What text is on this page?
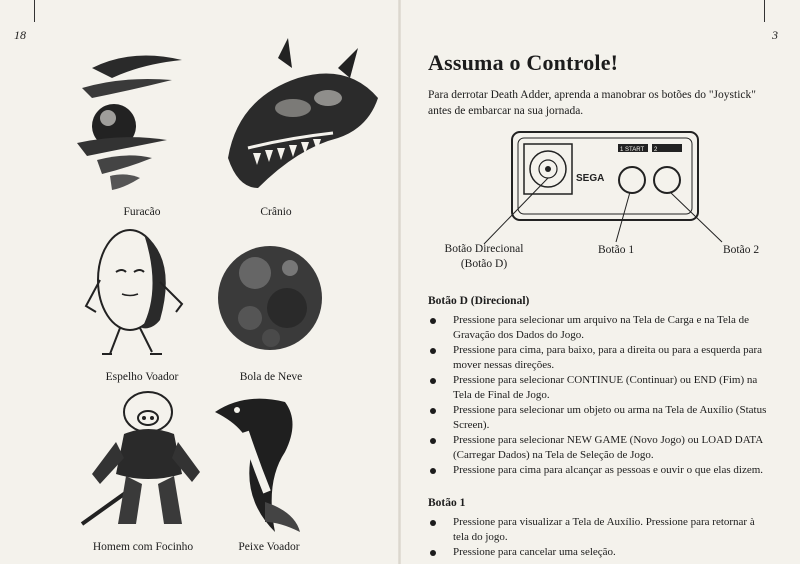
18
Furacão	Crânio
Espelho Voador	Bola de Neve
Homem com Focinho	Peixe Voador
3
Assuma o Controle!
Para derrotar Death Adder, aprenda a manobrar os botões do "Joystick" antes de embarcar na sua jornada.
SEGA
1 START 2
Botão Direcional
(Botão D)
Botão 1	Botão 2
Botão D (Direcional)
Pressione para selecionar um arquivo na Tela de Carga e na Tela de Gravação dos Dados do Jogo.
Pressione para cima, para baixo, para a direita ou para a esquerda para mover nessas direções.
Pressione para selecionar CONTINUE (Continuar) ou END (Fim) na Tela de Final de Jogo.
Pressione para selecionar um objeto ou arma na Tela de Auxílio (Status Screen).
Pressione para selecionar NEW GAME (Novo Jogo) ou LOAD DATA (Carregar Dados) na Tela de Seleção de Jogo.
Pressione para cima para alcançar as pessoas e ouvir o que elas dizem.
Botão 1
Pressione para visualizar a Tela de Auxílio. Pressione para retornar à tela do jogo.
Pressione para cancelar uma seleção.
